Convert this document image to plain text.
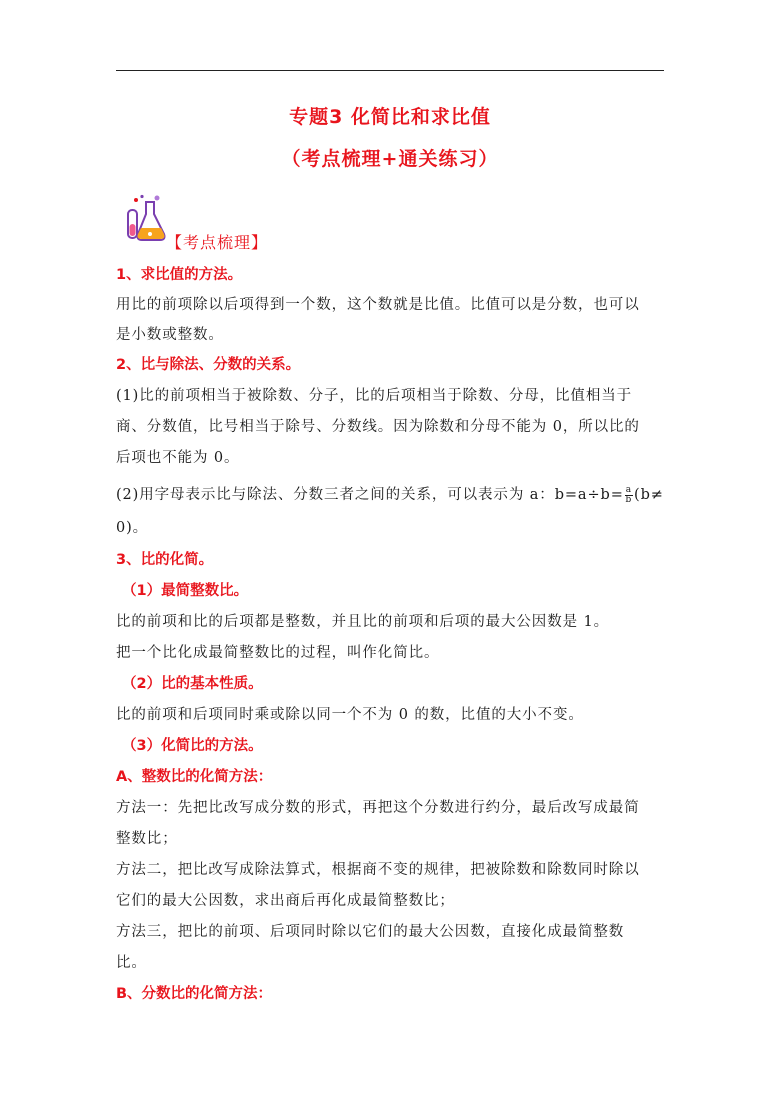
专题3 化简比和求比值
（考点梳理+通关练习）
【考点梳理】
1、求比值的方法。
用比的前项除以后项得到一个数，这个数就是比值。比值可以是分数，也可以
是小数或整数。
2、比与除法、分数的关系。
(1)比的前项相当于被除数、分子，比的后项相当于除数、分母，比值相当于
商、分数值，比号相当于除号、分数线。因为除数和分母不能为 0，所以比的
后项也不能为 0。
(2)用字母表示比与除法、分数三者之间的关系，可以表示为 a：$b=a\div b= \frac{a}{b} (b\ne$
0)。
3、比的化简。
（1）最简整数比。
比的前项和比的后项都是整数，并且比的前项和后项的最大公因数是 1。
把一个比化成最简整数比的过程，叫作化简比。
（2）比的基本性质。
比的前项和后项同时乘或除以同一个不为 0 的数，比值的大小不变。
（3）化简比的方法。
A、整数比的化简方法：
方法一：先把比改写成分数的形式，再把这个分数进行约分，最后改写成最简
整数比；
方法二，把比改写成除法算式，根据商不变的规律，把被除数和除数同时除以
它们的最大公因数，求出商后再化成最简整数比；
方法三，把比的前项、后项同时除以它们的最大公因数，直接化成最简整数
比。
B、分数比的化简方法：
